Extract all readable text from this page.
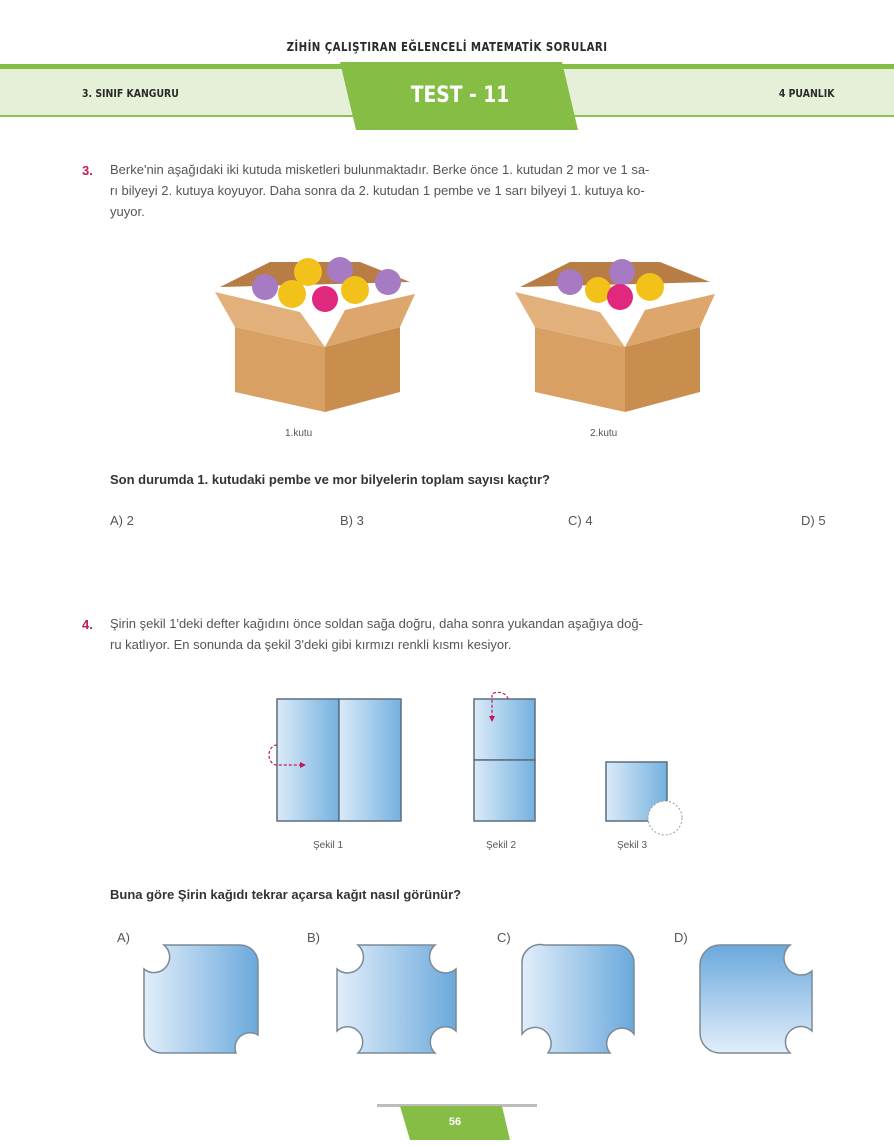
ZİHİN ÇALIŞTIRAN EĞLENCELİ MATEMATİK SORULARI
3. SINIF KANGURU	4 PUANLIK
TEST - 11
3. Berke'nin aşağıdaki iki kutuda misketleri bulunmaktadır. Berke önce 1. kutudan 2 mor ve 1 sa-
rı bilyeyi 2. kutuya koyuyor. Daha sonra da 2. kutudan 1 pembe ve 1 sarı bilyeyi 1. kutuya ko-
yuyor.
1.kutu	2.kutu
Son durumda 1. kutudaki pembe ve mor bilyelerin toplam sayısı kaçtır?
A) 2	B) 3	C) 4	D) 5
4. Şirin şekil 1'deki defter kağıdını önce soldan sağa doğru, daha sonra yukandan aşağıya doğ-
ru katlıyor. En sonunda da şekil 3'deki gibi kırmızı renkli kısmı kesiyor.
Şekil 1	Şekil 2	Şekil 3
Buna göre Şirin kağıdı tekrar açarsa kağıt nasıl görünür?
A)	B)	C)	D)
56
